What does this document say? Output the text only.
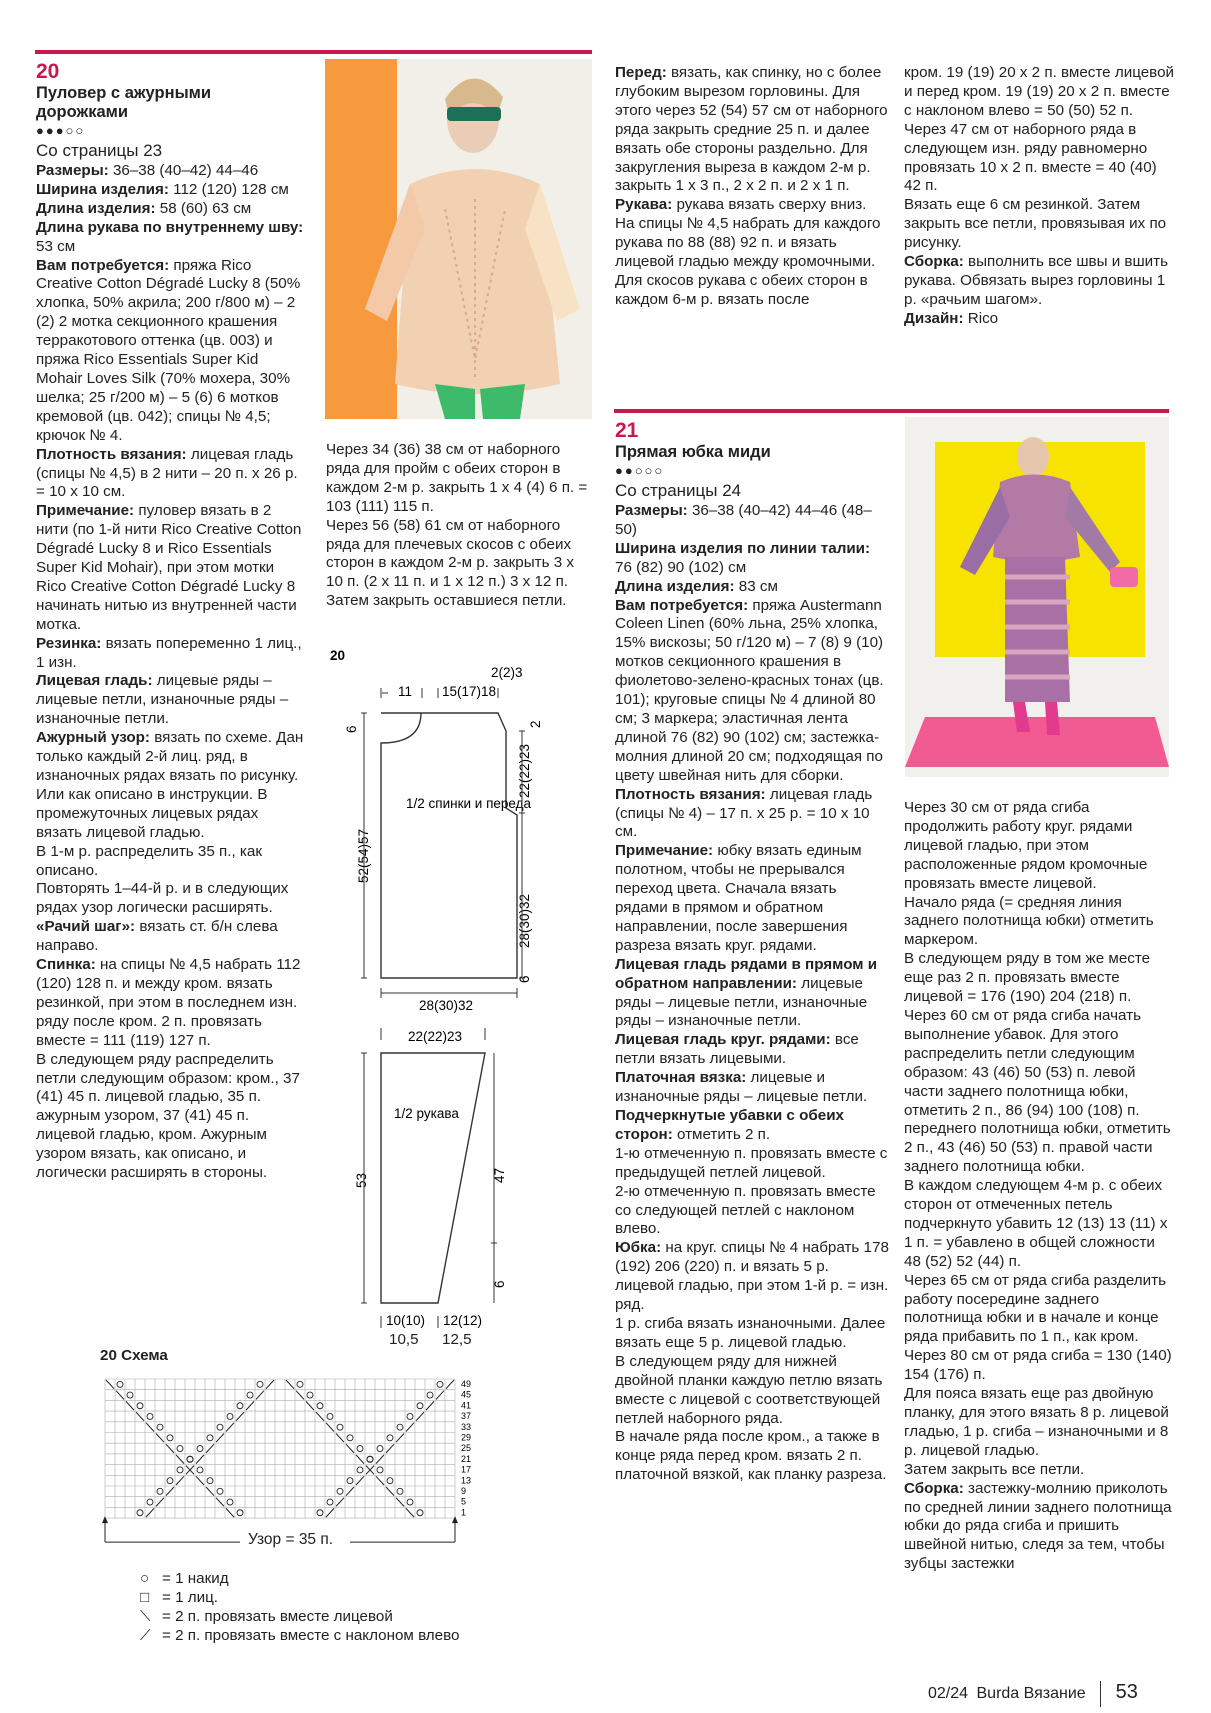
20
Пуловер с ажурными дорожками
●●●○○
Со страницы 23

Размеры: 36–38 (40–42) 44–46

Ширина изделия: 112 (120) 128 см

Длина изделия: 58 (60) 63 см

Длина рукава по внутреннему шву: 53 см

Вам потребуется: пряжа Rico Creative Cotton Dégradé Lucky 8 (50% хлопка, 50% акрила; 200 г/800 м) – 2 (2) 2 мотка секционного крашения терракотового оттенка (цв. 003) и пряжа Rico Essentials Super Kid Mohair Loves Silk (70% мохера, 30% шелка; 25 г/200 м) – 5 (6) 6 мотков кремовой (цв. 042); спицы № 4,5; крючок № 4.

Плотность вязания: лицевая гладь (спицы № 4,5) в 2 нити – 20 п. х 26 р. = 10 х 10 см.

Примечание: пуловер вязать в 2 нити (по 1-й нити Rico Creative Cotton Dégradé Lucky 8 и Rico Essentials Super Kid Mohair), при этом мотки Rico Creative Cotton Dégradé Lucky 8 начинать нитью из внутренней части мотка.

Резинка: вязать попеременно 1 лиц., 1 изн.

Лицевая гладь: лицевые ряды – лицевые петли, изнаночные ряды – изнаночные петли.

Ажурный узор: вязать по схеме. Дан только каждый 2-й лиц. ряд, в изнаночных рядах вязать по рисунку. Или как описано в инструкции. В промежуточных лицевых рядах вязать лицевой гладью.

В 1-м р. распределить 35 п., как описано.

Повторять 1–44-й р. и в следующих рядах узор логически расширять.

«Рачий шаг»: вязать ст. б/н слева направо.

Спинка: на спицы № 4,5 набрать 112 (120) 128 п. и между кром. вязать резинкой, при этом в последнем изн. ряду после кром. 2 п. провязать вместе = 111 (119) 127 п.

В следующем ряду распределить петли следующим образом: кром., 37 (41) 45 п. лицевой гладью, 35 п. ажурным узором, 37 (41) 45 п. лицевой гладью, кром. Ажурным узором вязать, как описано, и логически расширять в стороны.

Через 34 (36) 38 см от наборного ряда для пройм с обеих сторон в каждом 2-м р. закрыть 1 х 4 (4) 6 п. = 103 (111) 115 п.

Через 56 (58) 61 см от наборного ряда для плечевых скосов с обеих сторон в каждом 2-м р. закрыть 3 х 10 п. (2 х 11 п. и 1 х 12 п.) 3 х 12 п. Затем закрыть оставшиеся петли.

20
2(2)3
11 15(17)18
1/2 спинки и переда
6
52(54)57
22(22)23
28(30)32
6
2
28(30)32
22(22)23
1/2 рукава
53	47
6
10(10) 12(12)
10,5	12,5
20 Схема
49
45
41
37
33
29
25
21
17
13
9
5
1
Узор = 35 п.
○ = 1 накид
□ = 1 лиц.
⟍ = 2 п. провязать вместе лицевой
⟋ = 2 п. провязать вместе с наклоном влево

Перед: вязать, как спинку, но с более глубоким вырезом горловины. Для этого через 52 (54) 57 см от наборного ряда закрыть средние 25 п. и далее вязать обе стороны раздельно. Для закругления выреза в каждом 2-м р. закрыть 1 х 3 п., 2 х 2 п. и 2 х 1 п.

Рукава: рукава вязать сверху вниз.

На спицы № 4,5 набрать для каждого рукава по 88 (88) 92 п. и вязать лицевой гладью между кромочными.

Для скосов рукава с обеих сторон в каждом 6-м р. вязать после

кром. 19 (19) 20 х 2 п. вместе лицевой и перед кром. 19 (19) 20 х 2 п. вместе с наклоном влево = 50 (50) 52 п.

Через 47 см от наборного ряда в следующем изн. ряду равномерно провязать 10 х 2 п. вместе = 40 (40) 42 п.

Вязать еще 6 см резинкой. Затем закрыть все петли, провязывая их по рисунку.

Сборка: выполнить все швы и вшить рукава. Обвязать вырез горловины 1 р. «рачьим шагом».

Дизайн: Rico

21
Прямая юбка миди
●●○○○
Со страницы 24

Размеры: 36–38 (40–42) 44–46 (48–50)

Ширина изделия по линии талии: 76 (82) 90 (102) см

Длина изделия: 83 см

Вам потребуется: пряжа Austermann Coleen Linen (60% льна, 25% хлопка, 15% вискозы; 50 г/120 м) – 7 (8) 9 (10) мотков секционного крашения в фиолетово-зелено-красных тонах (цв. 101); круговые спицы № 4 длиной 80 см; 3 маркера; эластичная лента длиной 76 (82) 90 (102) см; застежка-молния длиной 20 см; подходящая по цвету швейная нить для сборки.

Плотность вязания: лицевая гладь (спицы № 4) – 17 п. х 25 р. = 10 х 10 см.

Примечание: юбку вязать единым полотном, чтобы не прерывался переход цвета. Сначала вязать рядами в прямом и обратном направлении, после завершения разреза вязать круг. рядами.

Лицевая гладь рядами в прямом и обратном направлении: лицевые ряды – лицевые петли, изнаночные ряды – изнаночные петли.

Лицевая гладь круг. рядами: все петли вязать лицевыми.

Платочная вязка: лицевые и изнаночные ряды – лицевые петли.

Подчеркнутые убавки с обеих сторон: отметить 2 п.

1-ю отмеченную п. провязать вместе с предыдущей петлей лицевой.

2-ю отмеченную п. провязать вместе со следующей петлей с наклоном влево.

Юбка: на круг. спицы № 4 набрать 178 (192) 206 (220) п. и вязать 5 р. лицевой гладью, при этом 1-й р. = изн. ряд.

1 р. сгиба вязать изнаночными. Далее вязать еще 5 р. лицевой гладью.

В следующем ряду для нижней двойной планки каждую петлю вязать вместе с лицевой с соответствующей петлей наборного ряда.

В начале ряда после кром., а также в конце ряда перед кром. вязать 2 п. платочной вязкой, как планку разреза.

Через 30 см от ряда сгиба продолжить работу круг. рядами лицевой гладью, при этом расположенные рядом кромочные провязать вместе лицевой.

Начало ряда (= средняя линия заднего полотнища юбки) отметить маркером.

В следующем ряду в том же месте еще раз 2 п. провязать вместе лицевой = 176 (190) 204 (218) п.

Через 60 см от ряда сгиба начать выполнение убавок. Для этого распределить петли следующим образом: 43 (46) 50 (53) п. левой части заднего полотнища юбки, отметить 2 п., 86 (94) 100 (108) п. переднего полотнища юбки, отметить 2 п., 43 (46) 50 (53) п. правой части заднего полотнища юбки.

В каждом следующем 4-м р. с обеих сторон от отмеченных петель подчеркнуто убавить 12 (13) 13 (11) х 1 п. = убавлено в общей сложности 48 (52) 52 (44) п.

Через 65 см от ряда сгиба разделить работу посередине заднего полотнища юбки и в начале и конце ряда прибавить по 1 п., как кром.

Через 80 см от ряда сгиба = 130 (140) 154 (176) п.

Для пояса вязать еще раз двойную планку, для этого вязать 8 р. лицевой гладью, 1 р. сгиба – изнаночными и 8 р. лицевой гладью.

Затем закрыть все петли.

Сборка: застежку-молнию приколоть по средней линии заднего полотнища юбки до ряда сгиба и пришить швейной нитью, следя за тем, чтобы зубцы застежки

02/24 Burda Вязание 53
